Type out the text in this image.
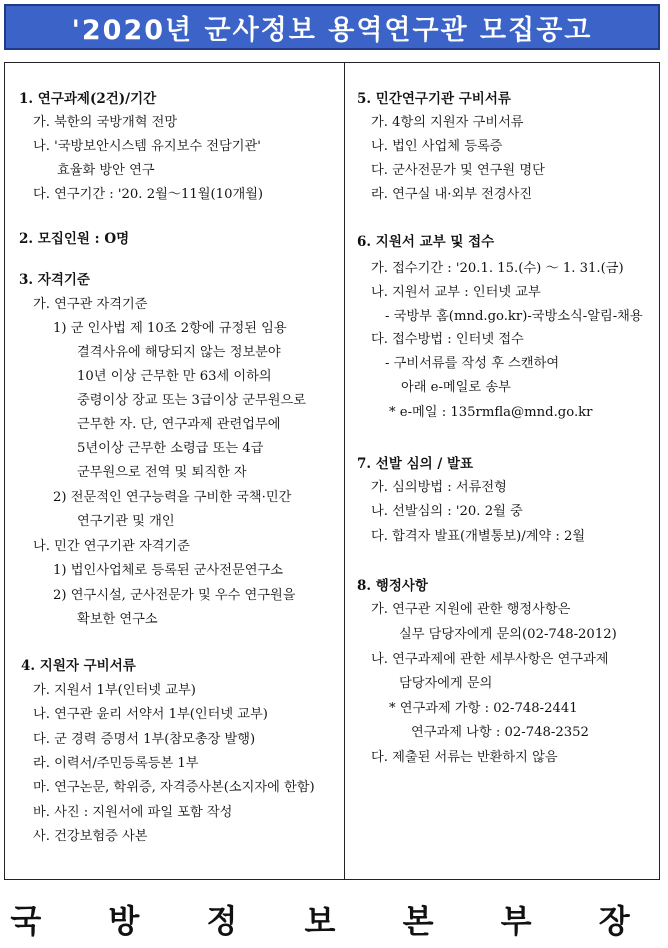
'2020년 군사정보 용역연구관 모집공고
1. 연구과제(2건)/기간
가. 북한의 국방개혁 전망
나. '국방보안시스템 유지보수 전담기관'
효율화 방안 연구
다. 연구기간 : '20. 2월～11월(10개월)
2. 모집인원 : O명
3. 자격기준
가. 연구관 자격기준
1) 군 인사법 제 10조 2항에 규정된 임용
결격사유에 해당되지 않는 정보분야
10년 이상 근무한 만 63세 이하의
중령이상 장교 또는 3급이상 군무원으로
근무한 자. 단, 연구과제 관련업무에
5년이상 근무한 소령급 또는 4급
군무원으로 전역 및 퇴직한 자
2) 전문적인 연구능력을 구비한 국책·민간
연구기관 및 개인
나. 민간 연구기관 자격기준
1) 법인사업체로 등록된 군사전문연구소
2) 연구시설, 군사전문가 및 우수 연구원을
확보한 연구소
4. 지원자 구비서류
가. 지원서 1부(인터넷 교부)
나. 연구관 윤리 서약서 1부(인터넷 교부)
다. 군 경력 증명서 1부(참모총장 발행)
라. 이력서/주민등록등본 1부
마. 연구논문, 학위증, 자격증사본(소지자에 한함)
바. 사진 : 지원서에 파일 포함 작성
사. 건강보험증 사본
5. 민간연구기관 구비서류
가. 4항의 지원자 구비서류
나. 법인 사업체 등록증
다. 군사전문가 및 연구원 명단
라. 연구실 내·외부 전경사진
6. 지원서 교부 및 접수
가. 접수기간 : '20.1. 15.(수) ～ 1. 31.(금)
나. 지원서 교부 : 인터넷 교부
- 국방부 홈(mnd.go.kr)-국방소식-알림-채용
다. 접수방법 : 인터넷 접수
- 구비서류를 작성 후 스캔하여
아래 e-메일로 송부
* e-메일 : 135rmfla@mnd.go.kr
7. 선발 심의 / 발표
가. 심의방법 : 서류전형
나. 선발심의 : '20. 2월 중
다. 합격자 발표(개별통보)/계약 : 2월
8. 행정사항
가. 연구관 지원에 관한 행정사항은
실무 담당자에게 문의(02-748-2012)
나. 연구과제에 관한 세부사항은 연구과제
담당자에게 문의
* 연구과제 가항 : 02-748-2441
연구과제 나항 : 02-748-2352
다. 제출된 서류는 반환하지 않음
국 방 정 보 본 부 장
